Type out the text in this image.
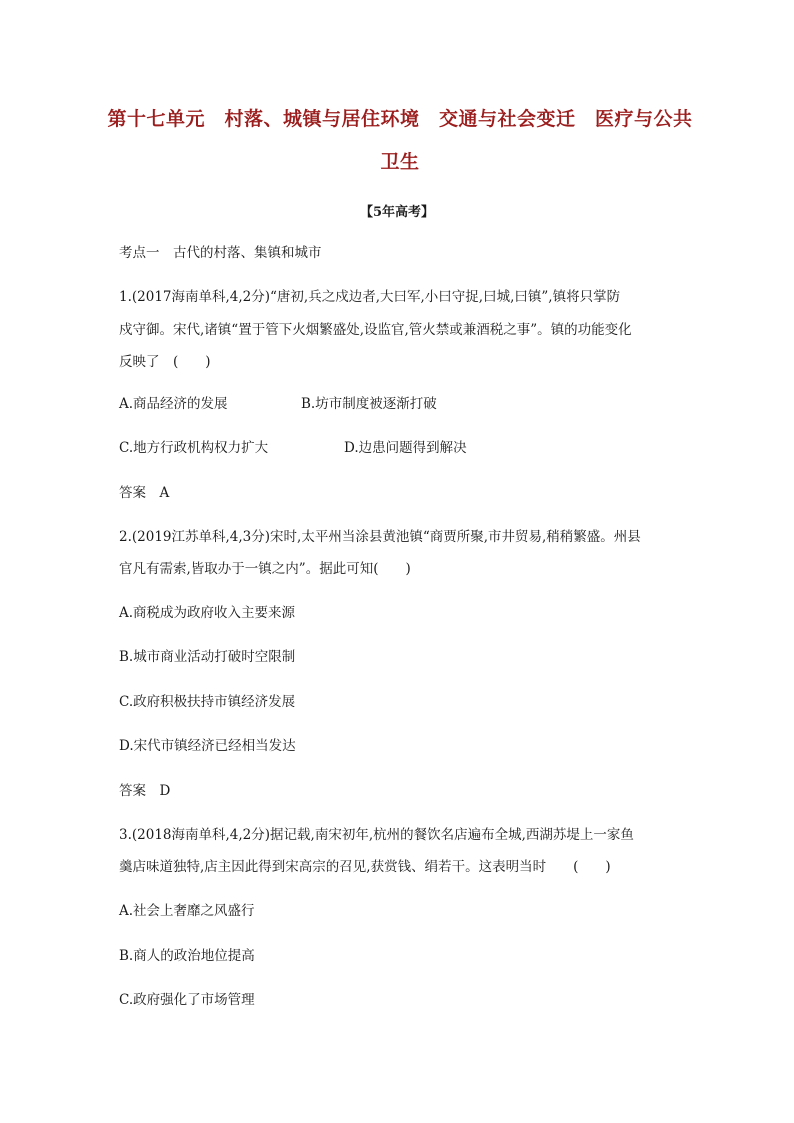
第十七单元　村落、城镇与居住环境　交通与社会变迁　医疗与公共
卫生
【5年高考】
考点一　古代的村落、集镇和城市
1.(2017海南单科,4,2分)“唐初,兵之戍边者,大曰军,小曰守捉,曰城,曰镇”,镇将只掌防
戍守御。宋代,诸镇“置于管下火烟繁盛处,设监官,管火禁或兼酒税之事”。镇的功能变化
反映了　(　　)
A.商品经济的发展	B.坊市制度被逐渐打破
C.地方行政机构权力扩大	D.边患问题得到解决
答案　A
2.(2019江苏单科,4,3分)宋时,太平州当涂县黄池镇“商贾所聚,市井贸易,稍稍繁盛。州县
官凡有需索,皆取办于一镇之内”。据此可知(　　)
A.商税成为政府收入主要来源
B.城市商业活动打破时空限制
C.政府积极扶持市镇经济发展
D.宋代市镇经济已经相当发达
答案　D
3.(2018海南单科,4,2分)据记载,南宋初年,杭州的餐饮名店遍布全城,西湖苏堤上一家鱼
羹店味道独特,店主因此得到宋高宗的召见,获赏钱、绢若干。这表明当时　　(　　)
A.社会上奢靡之风盛行
B.商人的政治地位提高
C.政府强化了市场管理
